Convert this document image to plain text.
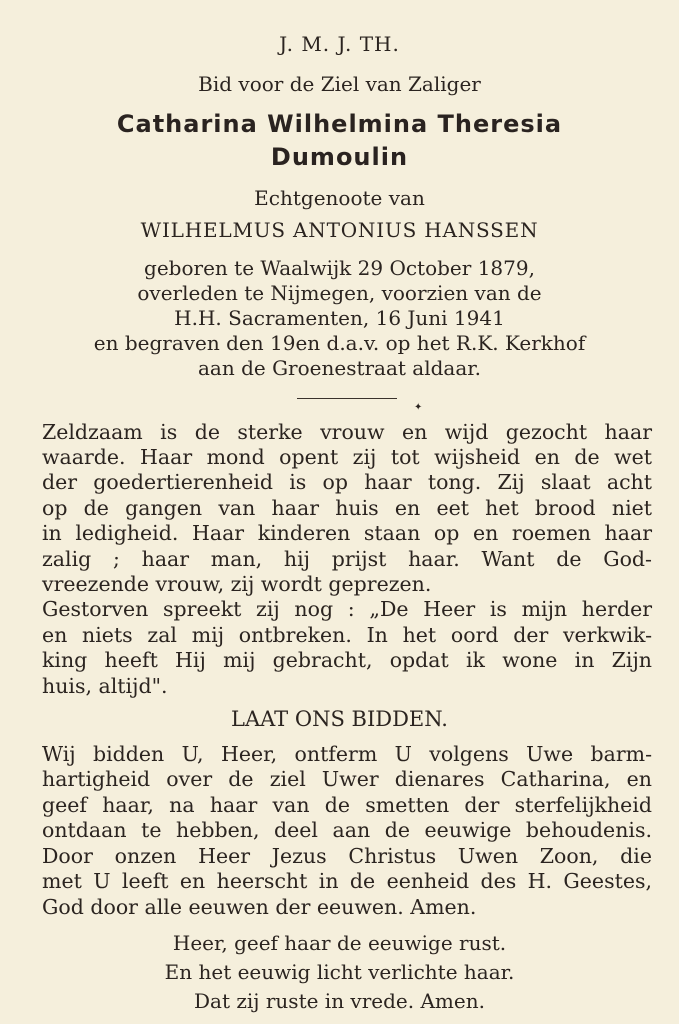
J. M. J. TH.
Bid voor de Ziel van Zaliger
Catharina Wilhelmina Theresia
Dumoulin
Echtgenoote van
WILHELMUS ANTONIUS HANSSEN
geboren te Waalwijk 29 October 1879,
overleden te Nijmegen, voorzien van de
H.H. Sacramenten, 16 Juni 1941
en begraven den 19en d.a.v. op het R.K. Kerkhof
aan de Groenestraat aldaar.
✦
Zeldzaam is de sterke vrouw en wijd gezocht haar
waarde. Haar mond opent zij tot wijsheid en de wet
der goedertierenheid is op haar tong. Zij slaat acht
op de gangen van haar huis en eet het brood niet
in ledigheid. Haar kinderen staan op en roemen haar
zalig ; haar man, hij prijst haar. Want de God-
vreezende vrouw, zij wordt geprezen.
Gestorven spreekt zij nog : „De Heer is mijn herder
en niets zal mij ontbreken. In het oord der verkwik-
king heeft Hij mij gebracht, opdat ik wone in Zijn
huis, altijd".
LAAT ONS BIDDEN.
Wij bidden U, Heer, ontferm U volgens Uwe barm-
hartigheid over de ziel Uwer dienares Catharina, en
geef haar, na haar van de smetten der sterfelijkheid
ontdaan te hebben, deel aan de eeuwige behoudenis.
Door onzen Heer Jezus Christus Uwen Zoon, die
met U leeft en heerscht in de eenheid des H. Geestes,
God door alle eeuwen der eeuwen. Amen.
Heer, geef haar de eeuwige rust.
En het eeuwig licht verlichte haar.
Dat zij ruste in vrede. Amen.
